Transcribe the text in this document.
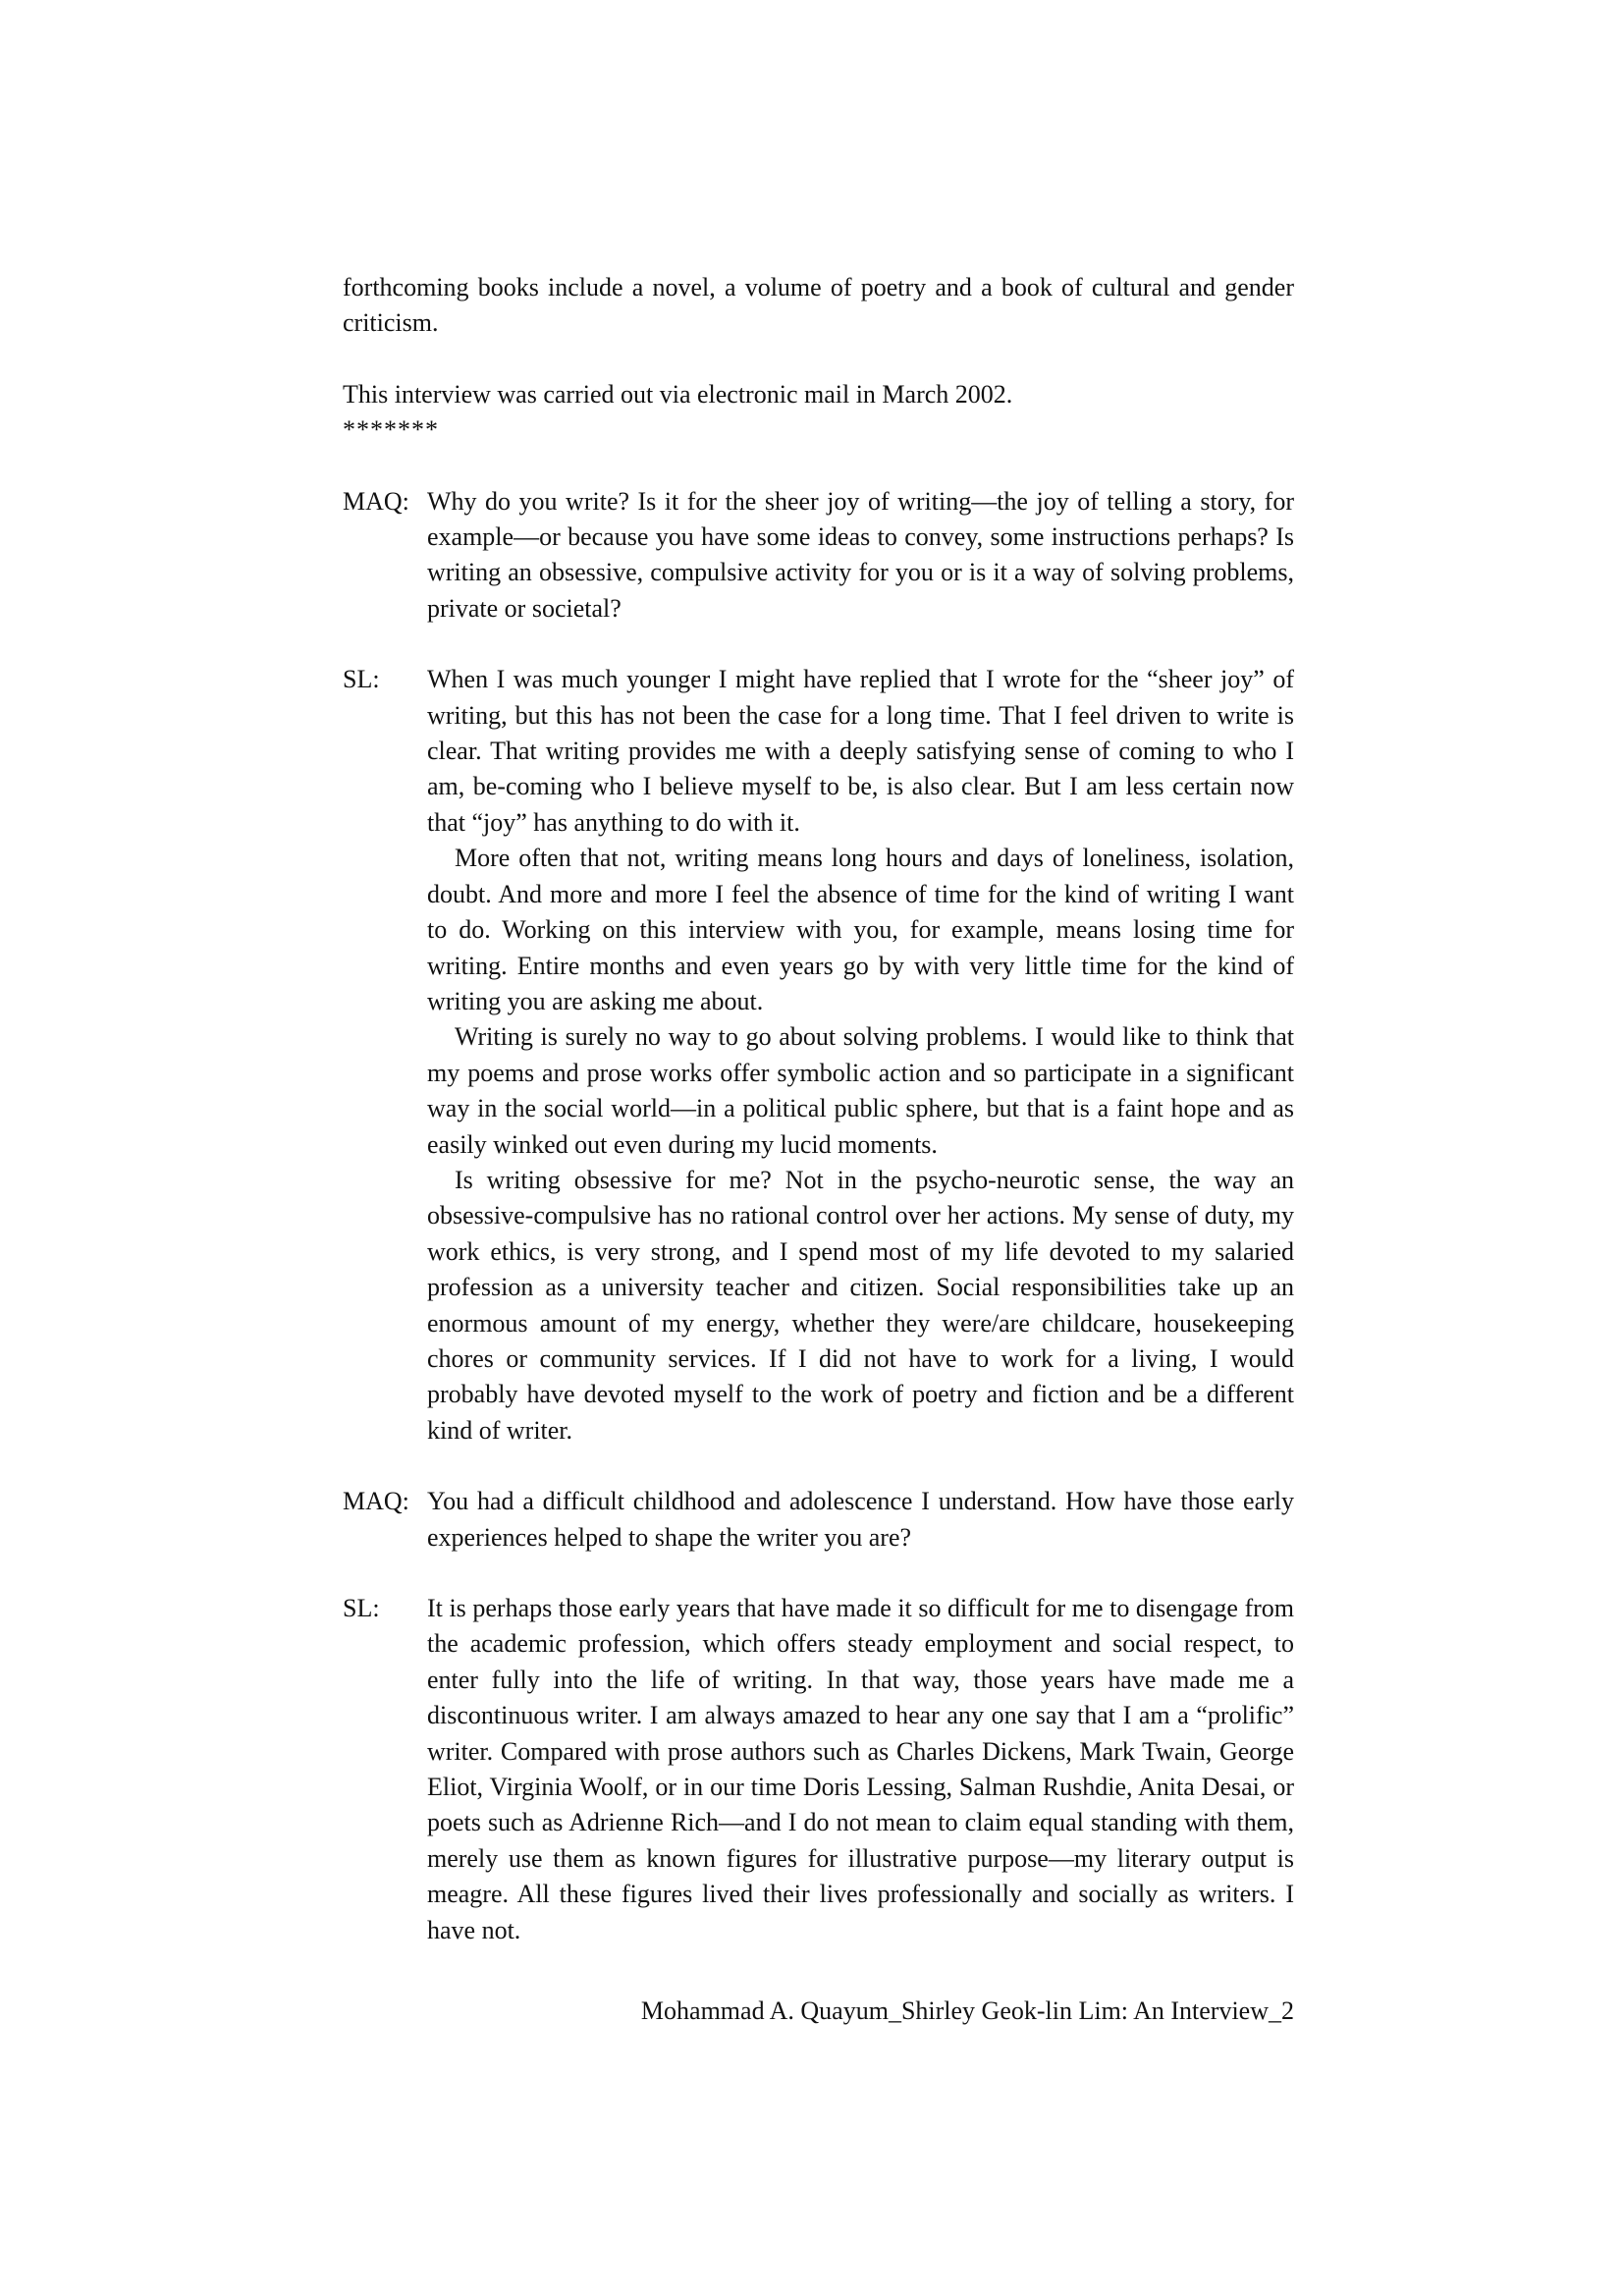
forthcoming books include a novel, a volume of poetry and a book of cultural and gender criticism.

This interview was carried out via electronic mail in March 2002.

*******

MAQ: Why do you write? Is it for the sheer joy of writing—the joy of telling a story, for example—or because you have some ideas to convey, some instructions perhaps? Is writing an obsessive, compulsive activity for you or is it a way of solving problems, private or societal?

SL:	When I was much younger I might have replied that I wrote for the “sheer joy” of writing, but this has not been the case for a long time. That I feel driven to write is clear. That writing provides me with a deeply satisfying sense of coming to who I am, be-coming who I believe myself to be, is also clear. But I am less certain now that “joy” has anything to do with it.

More often that not, writing means long hours and days of loneliness, isolation, doubt. And more and more I feel the absence of time for the kind of writing I want to do. Working on this interview with you, for example, means losing time for writing. Entire months and even years go by with very little time for the kind of writing you are asking me about.

Writing is surely no way to go about solving problems. I would like to think that my poems and prose works offer symbolic action and so participate in a significant way in the social world—in a political public sphere, but that is a faint hope and as easily winked out even during my lucid moments.

Is writing obsessive for me? Not in the psycho-neurotic sense, the way an obsessive-compulsive has no rational control over her actions. My sense of duty, my work ethics, is very strong, and I spend most of my life devoted to my salaried profession as a university teacher and citizen. Social responsibilities take up an enormous amount of my energy, whether they were/are childcare, housekeeping chores or community services. If I did not have to work for a living, I would probably have devoted myself to the work of poetry and fiction and be a different kind of writer.

MAQ: You had a difficult childhood and adolescence I understand. How have those early experiences helped to shape the writer you are?

SL:	It is perhaps those early years that have made it so difficult for me to disengage from the academic profession, which offers steady employment and social respect, to enter fully into the life of writing. In that way, those years have made me a discontinuous writer. I am always amazed to hear any one say that I am a “prolific” writer. Compared with prose authors such as Charles Dickens, Mark Twain, George Eliot, Virginia Woolf, or in our time Doris Lessing, Salman Rushdie, Anita Desai, or poets such as Adrienne Rich—and I do not mean to claim equal standing with them, merely use them as known figures for illustrative purpose—my literary output is meagre. All these figures lived their lives professionally and socially as writers. I have not.

Mohammad A. Quayum_Shirley Geok-lin Lim: An Interview_2
